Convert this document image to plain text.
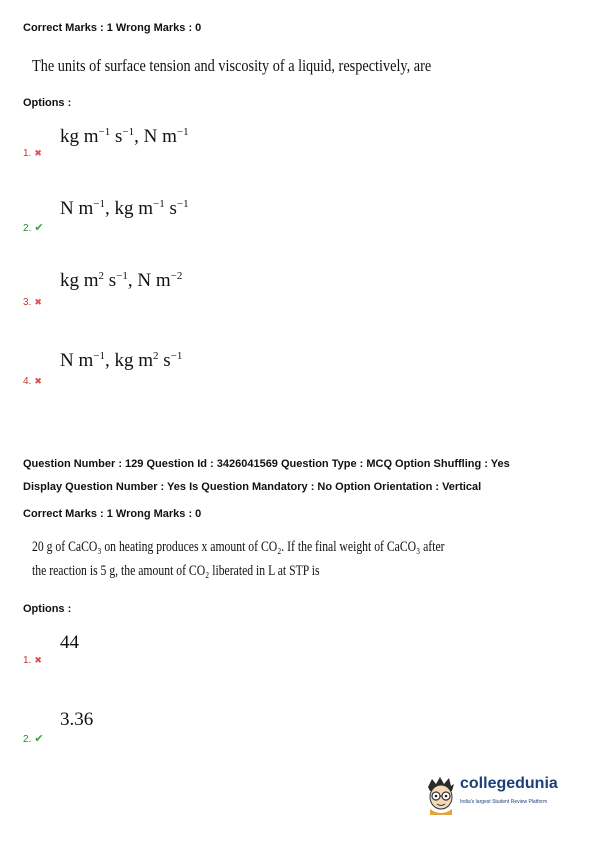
Correct Marks : 1 Wrong Marks : 0
The units of surface tension and viscosity of a liquid, respectively, are
Options :
kg $m^{-1}$ $s^{-1}$, N $m^{-1}$
1. ✖
N $m^{-1}$, kg $m^{-1}$ $s^{-1}$
2. ✔
kg $m^2$ $s^{-1}$, N $m^{-2}$
3. ✖
N $m^{-1}$, kg $m^2$ $s^{-1}$
4. ✖
Question Number : 129 Question Id : 3426041569 Question Type : MCQ Option Shuffling : Yes
Display Question Number : Yes Is Question Mandatory : No Option Orientation : Vertical
Correct Marks : 1 Wrong Marks : 0
20 g of CaCO₃ on heating produces x amount of CO₂. If the final weight of CaCO₃ after
the reaction is 5 g, the amount of CO₂ liberated in L at STP is
Options :
44
1. ✖
3.36
2. ✔
collegedunia
India's largest Student Review Platform
